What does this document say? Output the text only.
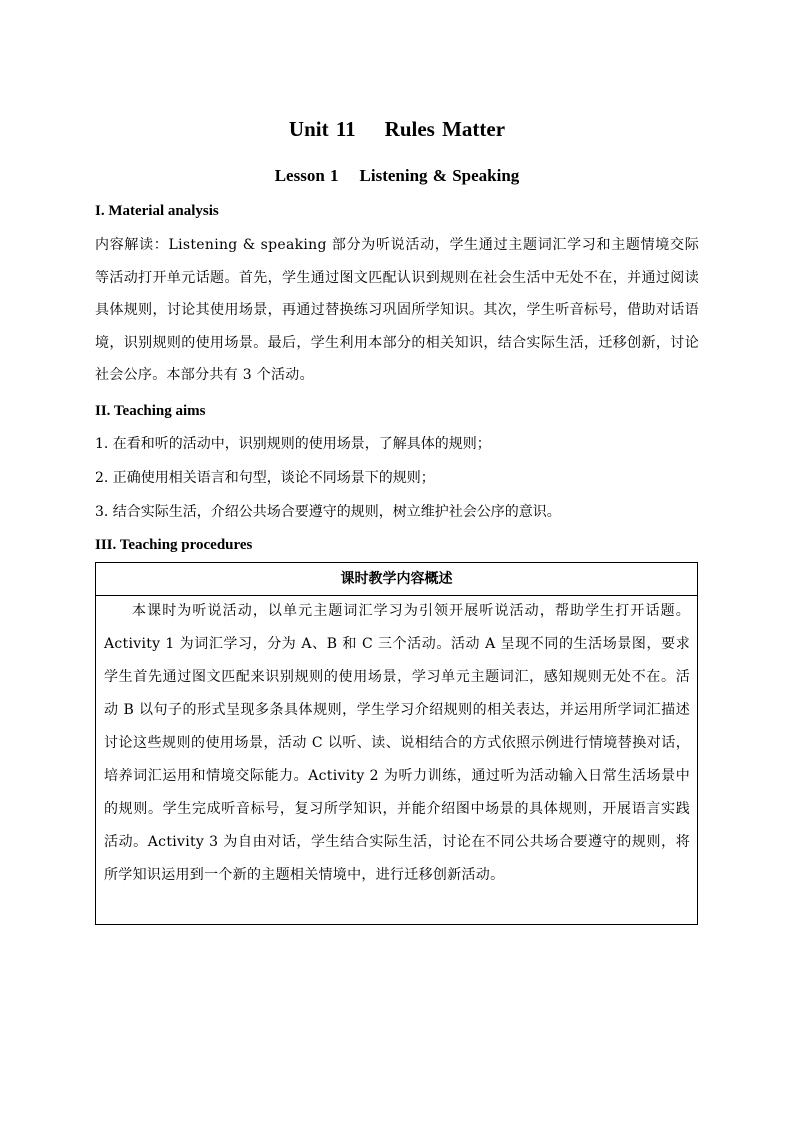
Unit 11    Rules Matter
Lesson 1    Listening & Speaking
I. Material analysis
内容解读：Listening & speaking 部分为听说活动，学生通过主题词汇学习和主题情境交际等活动打开单元话题。首先，学生通过图文匹配认识到规则在社会生活中无处不在，并通过阅读具体规则，讨论其使用场景，再通过替换练习巩固所学知识。其次，学生听音标号，借助对话语境，识别规则的使用场景。最后，学生利用本部分的相关知识，结合实际生活，迁移创新，讨论社会公序。本部分共有 3 个活动。
II. Teaching aims
1. 在看和听的活动中，识别规则的使用场景，了解具体的规则；
2. 正确使用相关语言和句型，谈论不同场景下的规则；
3. 结合实际生活，介绍公共场合要遵守的规则，树立维护社会公序的意识。
III. Teaching procedures
课时教学内容概述
本课时为听说活动，以单元主题词汇学习为引领开展听说活动，帮助学生打开话题。Activity 1 为词汇学习，分为 A、B 和 C 三个活动。活动 A 呈现不同的生活场景图，要求学生首先通过图文匹配来识别规则的使用场景，学习单元主题词汇，感知规则无处不在。活动 B 以句子的形式呈现多条具体规则，学生学习介绍规则的相关表达，并运用所学词汇描述讨论这些规则的使用场景，活动 C 以听、读、说相结合的方式依照示例进行情境替换对话，培养词汇运用和情境交际能力。Activity 2 为听力训练，通过听为活动输入日常生活场景中的规则。学生完成听音标号，复习所学知识，并能介绍图中场景的具体规则，开展语言实践活动。Activity 3 为自由对话，学生结合实际生活，讨论在不同公共场合要遵守的规则，将所学知识运用到一个新的主题相关情境中，进行迁移创新活动。
